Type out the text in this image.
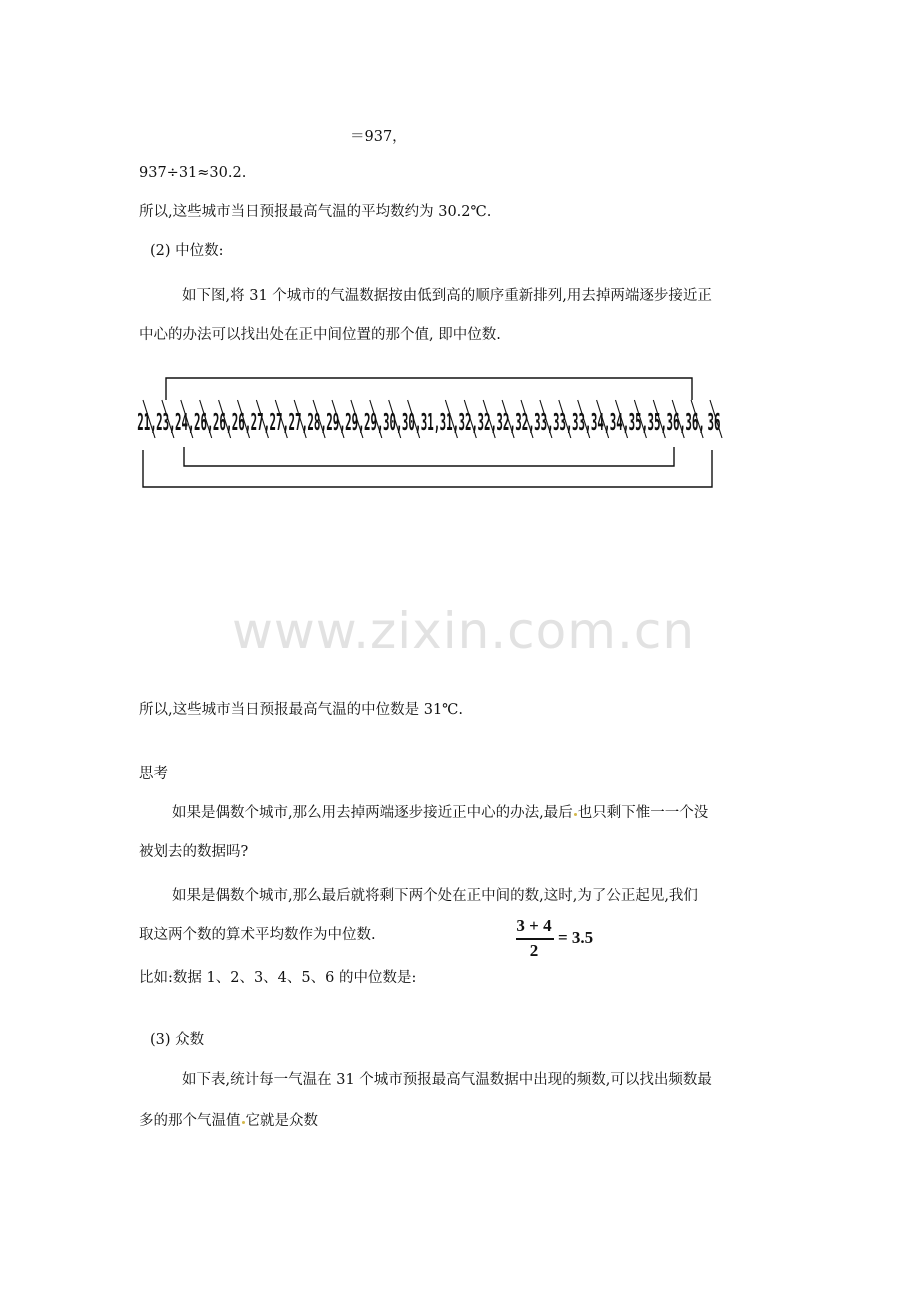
＝937，
937÷31≈30.2.
所以,这些城市当日预报最高气温的平均数约为 30.2℃.
(2) 中位数:
如下图,将 31 个城市的气温数据按由低到高的顺序重新排列,用去掉两端逐步接近正
中心的办法可以找出处在正中间位置的那个值, 即中位数.
21, 23, 24, 26, 26, 26, 27, 27, 27, 28, 29, 29, 29, 30, 30, 31, 31, 32, 32, 32, 32, 33, 33, 33, 34, 34, 35, 35, 36, 36, 36
www.zixin.com.cn
所以,这些城市当日预报最高气温的中位数是 31℃.
思考
如果是偶数个城市,那么用去掉两端逐步接近正中心的办法,最后 也只剩下惟一一个没
被划去的数据吗?
如果是偶数个城市,那么最后就将剩下两个处在正中间的数,这时,为了公正起见,我们
取这两个数的算术平均数作为中位数.	3 + 4
2
= 3.5
比如:数据 1、2、3、4、5、6 的中位数是:
(3) 众数
如下表,统计每一气温在 31 个城市预报最高气温数据中出现的频数,可以找出频数最
多的那个气温值 它就是众数
